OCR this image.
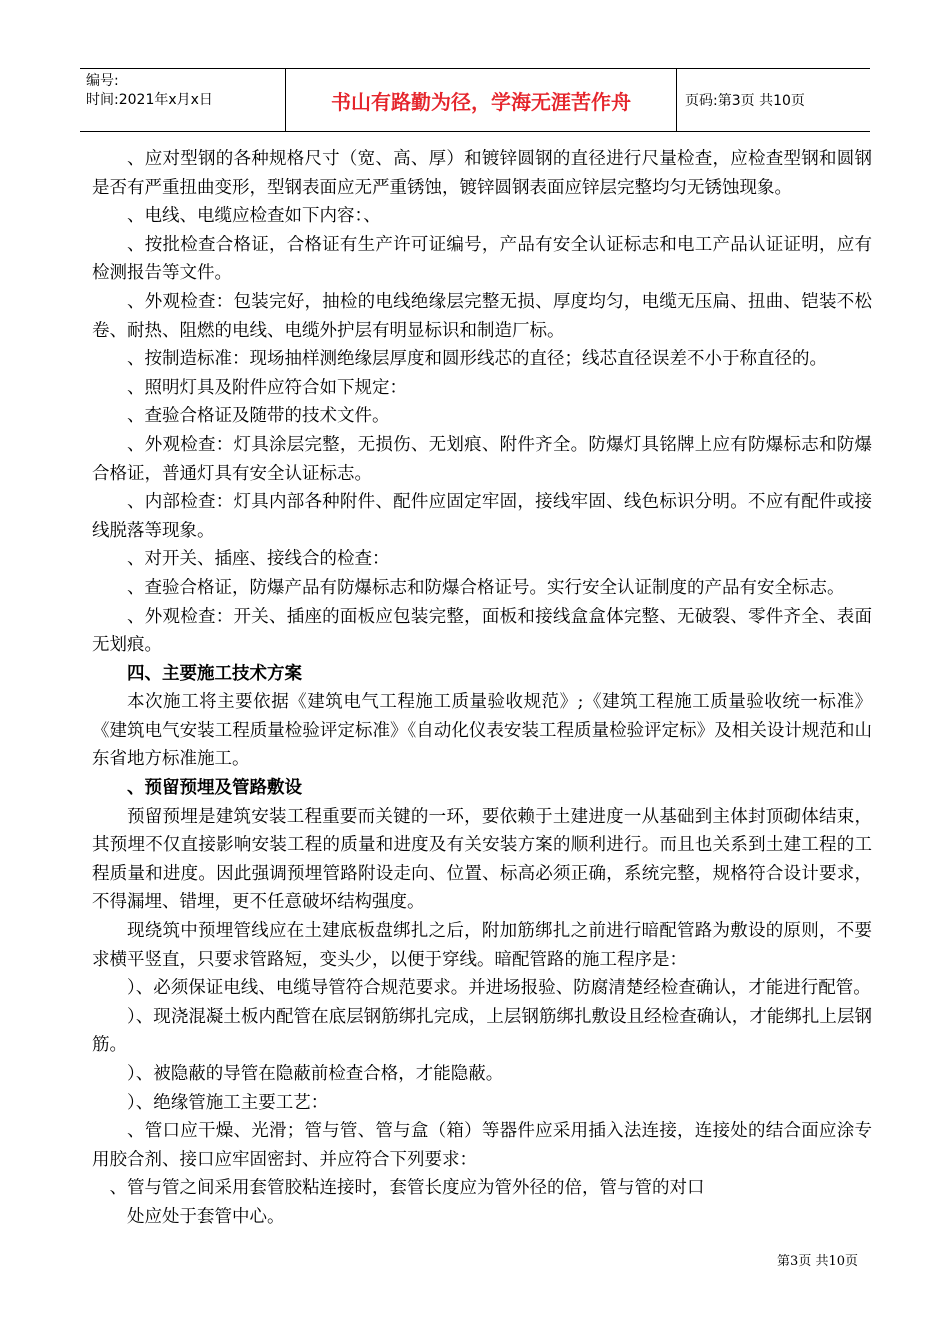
编号:
时间:2021年x月x日	书山有路勤为径，学海无涯苦作舟	页码:第3页 共10页

、应对型钢的各种规格尺寸（宽、高、厚）和镀锌圆钢的直径进行尺量检查，应检查型钢和圆钢是否有严重扭曲变形，型钢表面应无严重锈蚀，镀锌圆钢表面应锌层完整均匀无锈蚀现象。

、电线、电缆应检查如下内容：、

、按批检查合格证，合格证有生产许可证编号，产品有安全认证标志和电工产品认证证明，应有检测报告等文件。

、外观检查：包装完好，抽检的电线绝缘层完整无损、厚度均匀，电缆无压扁、扭曲、铠装不松卷、耐热、阻燃的电线、电缆外护层有明显标识和制造厂标。

、按制造标准：现场抽样测绝缘层厚度和圆形线芯的直径；线芯直径误差不小于称直径的。

、照明灯具及附件应符合如下规定：

、查验合格证及随带的技术文件。

、外观检查：灯具涂层完整，无损伤、无划痕、附件齐全。防爆灯具铭牌上应有防爆标志和防爆合格证，普通灯具有安全认证标志。

、内部检查：灯具内部各种附件、配件应固定牢固，接线牢固、线色标识分明。不应有配件或接线脱落等现象。

、对开关、插座、接线合的检查：

、查验合格证，防爆产品有防爆标志和防爆合格证号。实行安全认证制度的产品有安全标志。

、外观检查：开关、插座的面板应包装完整，面板和接线盒盒体完整、无破裂、零件齐全、表面无划痕。

四、主要施工技术方案

本次施工将主要依据《建筑电气工程施工质量验收规范》;《建筑工程施工质量验收统一标准》《建筑电气安装工程质量检验评定标准》《自动化仪表安装工程质量检验评定标》及相关设计规范和山东省地方标准施工。

、预留预埋及管路敷设

预留预埋是建筑安装工程重要而关键的一环，要依赖于土建进度一从基础到主体封顶砌体结束，其预埋不仅直接影响安装工程的质量和进度及有关安装方案的顺利进行。而且也关系到土建工程的工程质量和进度。因此强调预埋管路附设走向、位置、标高必须正确，系统完整，规格符合设计要求，不得漏埋、错埋，更不任意破坏结构强度。

现绕筑中预埋管线应在土建底板盘绑扎之后，附加筋绑扎之前进行暗配管路为敷设的原则，不要求横平竖直，只要求管路短，变头少，以便于穿线。暗配管路的施工程序是：

）、必须保证电线、电缆导管符合规范要求。并进场报验、防腐清楚经检查确认，才能进行配管。

）、现浇混凝土板内配管在底层钢筋绑扎完成，上层钢筋绑扎敷设且经检查确认，才能绑扎上层钢筋。

）、被隐蔽的导管在隐蔽前检查合格，才能隐蔽。

）、绝缘管施工主要工艺：

、管口应干燥、光滑；管与管、管与盒（箱）等器件应采用插入法连接，连接处的结合面应涂专用胶合剂、接口应牢固密封、并应符合下列要求：

、管与管之间采用套管胶粘连接时，套管长度应为管外径的倍，管与管的对口

处应处于套管中心。

第3页 共10页
